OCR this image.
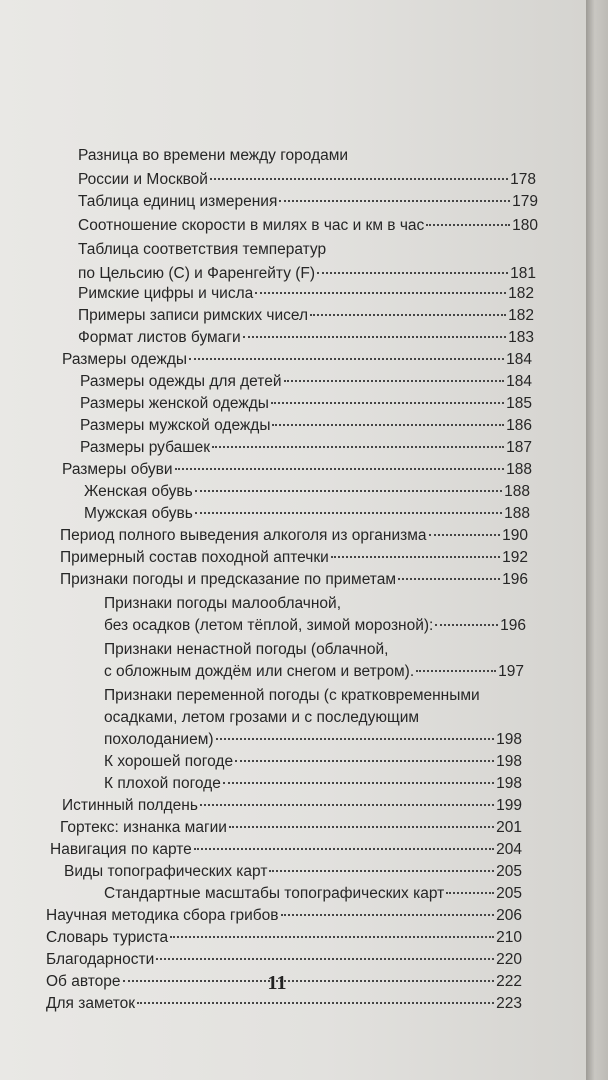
Разница во времени между городами
России и Москвой	178
Таблица единиц измерения	179
Соотношение скорости в милях в час и км в час	180
Таблица соответствия температур
по Цельсию (С) и Фаренгейту (F)	181
Римские цифры и числа	182
Примеры записи римских чисел	182
Формат листов бумаги	183
Размеры одежды	184
Размеры одежды для детей	184
Размеры женской одежды	185
Размеры мужской одежды	186
Размеры рубашек	187
Размеры обуви	188
Женская обувь	188
Мужская обувь	188
Период полного выведения алкоголя из организма	190
Примерный состав походной аптечки	192
Признаки погоды и предсказание по приметам	196
Признаки погоды малооблачной,
без осадков (летом тёплой, зимой морозной):	196
Признаки ненастной погоды (облачной,
с обложным дождём или снегом и ветром).	197
Признаки переменной погоды (с кратковременными
осадками, летом грозами и с последующим
похолоданием)	198
К хорошей погоде	198
К плохой погоде	198
Истинный полдень	199
Гортекс: изнанка магии	201
Навигация по карте	204
Виды топографических карт	205
Стандартные масштабы топографических карт	205
Научная методика сбора грибов	206
Словарь туриста	210
Благодарности	220
Об авторе	222
Для заметок	223
11
